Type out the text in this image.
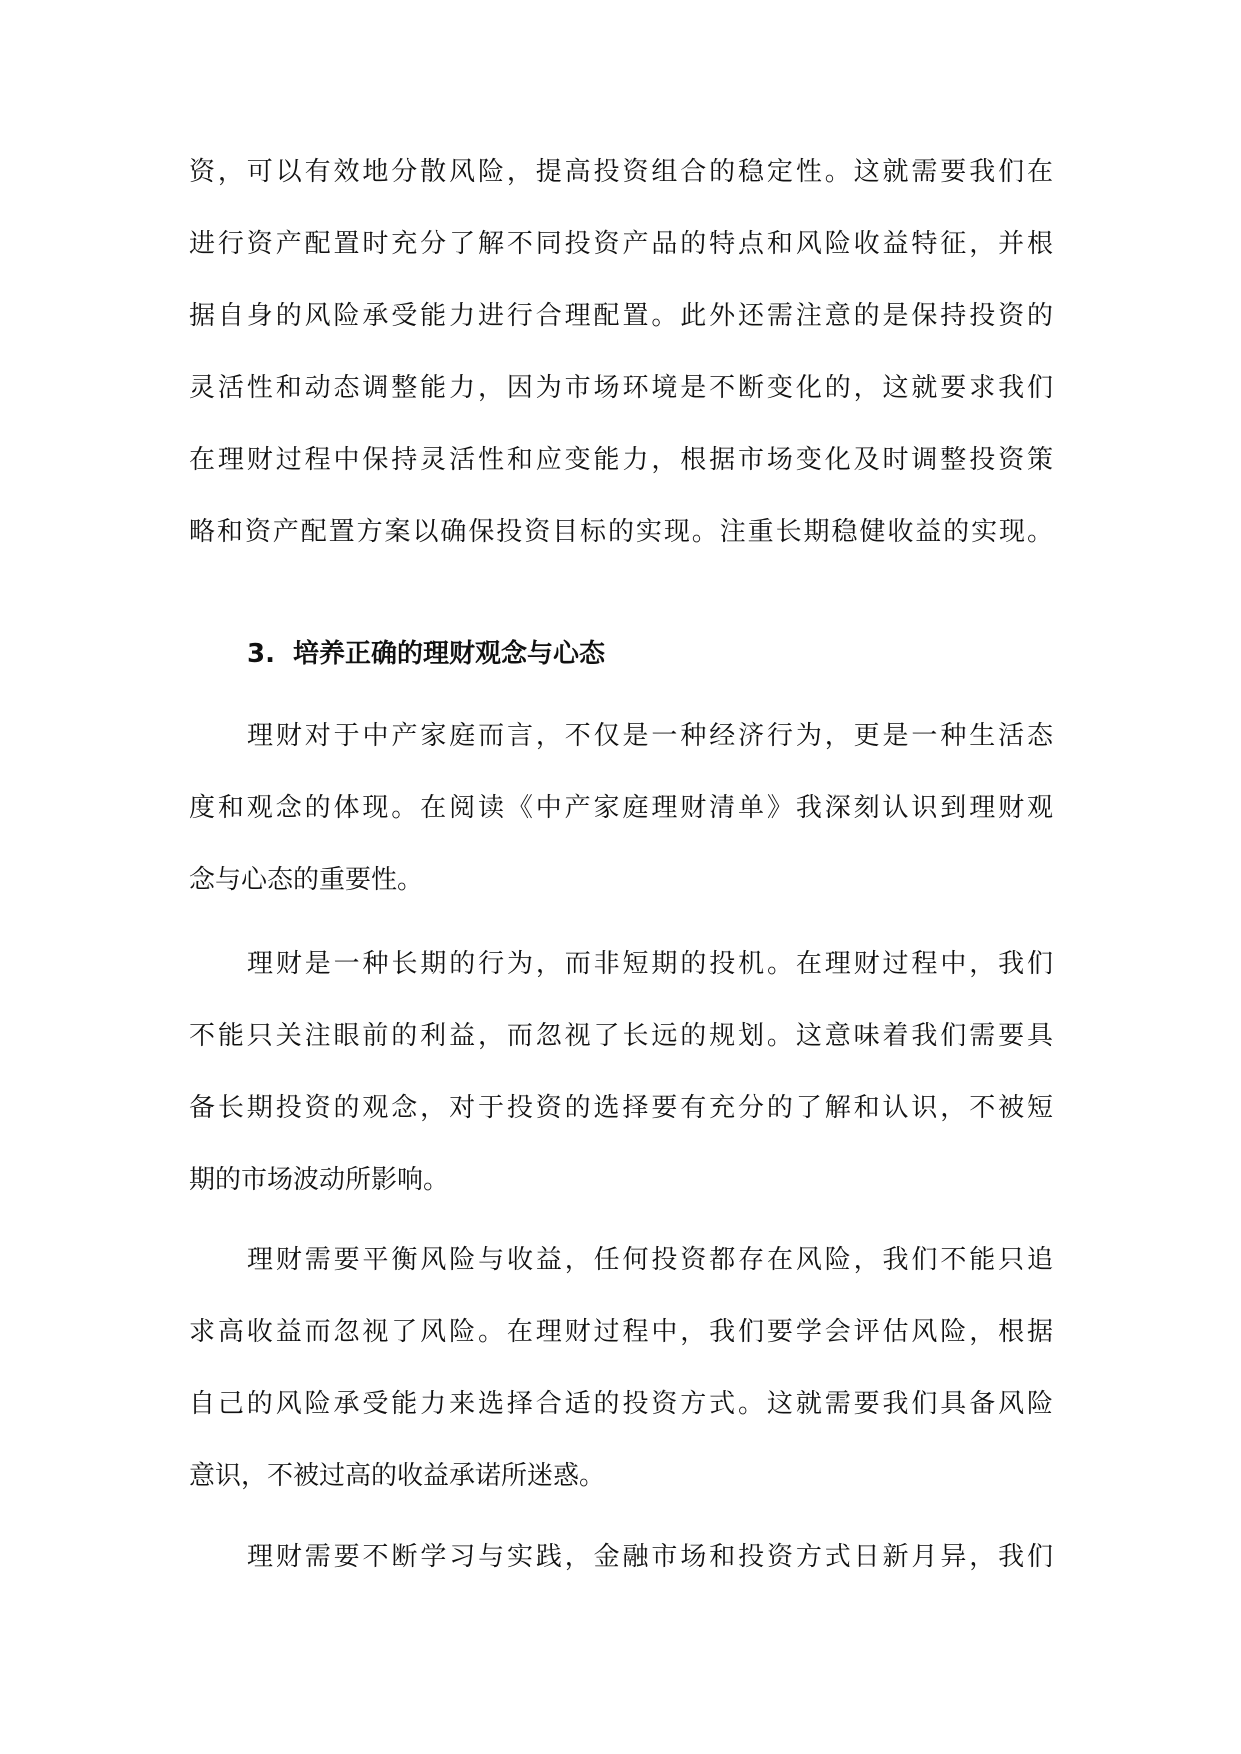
资，可以有效地分散风险，提高投资组合的稳定性。这就需要我们在
进行资产配置时充分了解不同投资产品的特点和风险收益特征，并根
据自身的风险承受能力进行合理配置。此外还需注意的是保持投资的
灵活性和动态调整能力，因为市场环境是不断变化的，这就要求我们
在理财过程中保持灵活性和应变能力，根据市场变化及时调整投资策
略和资产配置方案以确保投资目标的实现。注重长期稳健收益的实现。
3. 培养正确的理财观念与心态
理财对于中产家庭而言，不仅是一种经济行为，更是一种生活态
度和观念的体现。在阅读《中产家庭理财清单》我深刻认识到理财观
念与心态的重要性。
理财是一种长期的行为，而非短期的投机。在理财过程中，我们
不能只关注眼前的利益，而忽视了长远的规划。这意味着我们需要具
备长期投资的观念，对于投资的选择要有充分的了解和认识，不被短
期的市场波动所影响。
理财需要平衡风险与收益，任何投资都存在风险，我们不能只追
求高收益而忽视了风险。在理财过程中，我们要学会评估风险，根据
自己的风险承受能力来选择合适的投资方式。这就需要我们具备风险
意识，不被过高的收益承诺所迷惑。
理财需要不断学习与实践，金融市场和投资方式日新月异，我们
